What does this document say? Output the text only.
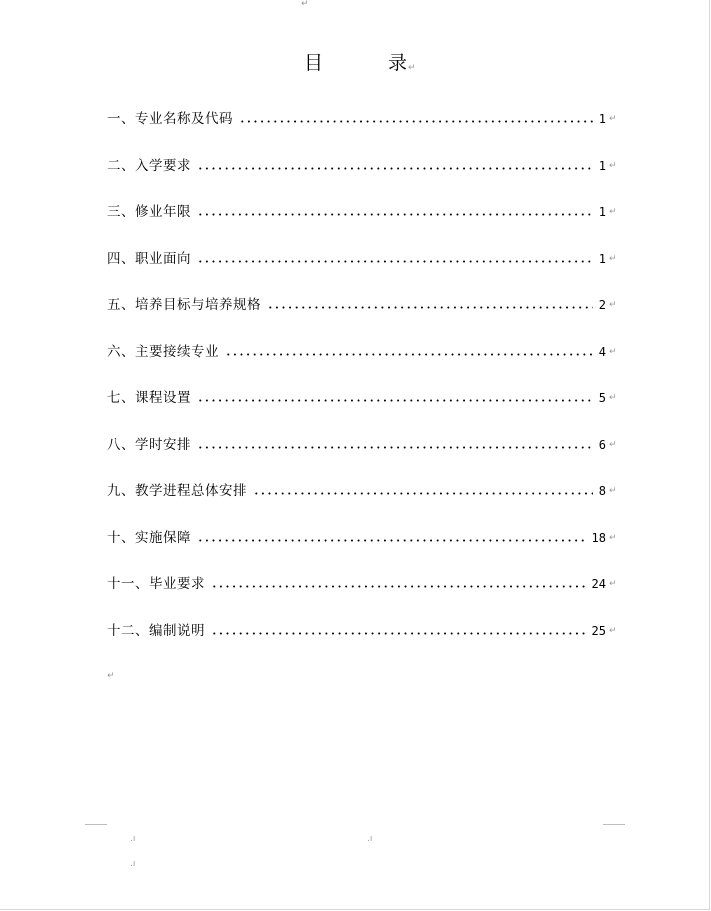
↵
目	录 ↵
一、专业名称及代码	1 ↵
二、入学要求	1 ↵
三、修业年限	1 ↵
四、职业面向	1 ↵
五、培养目标与培养规格	2 ↵
六、主要接续专业	4 ↵
七、课程设置	5 ↵
八、学时安排	6 ↵
九、教学进程总体安排	8 ↵
十、实施保障	18 ↵
十一、毕业要求	24 ↵
十二、编制说明	25 ↵
↵
.ı	.ı
.ı
